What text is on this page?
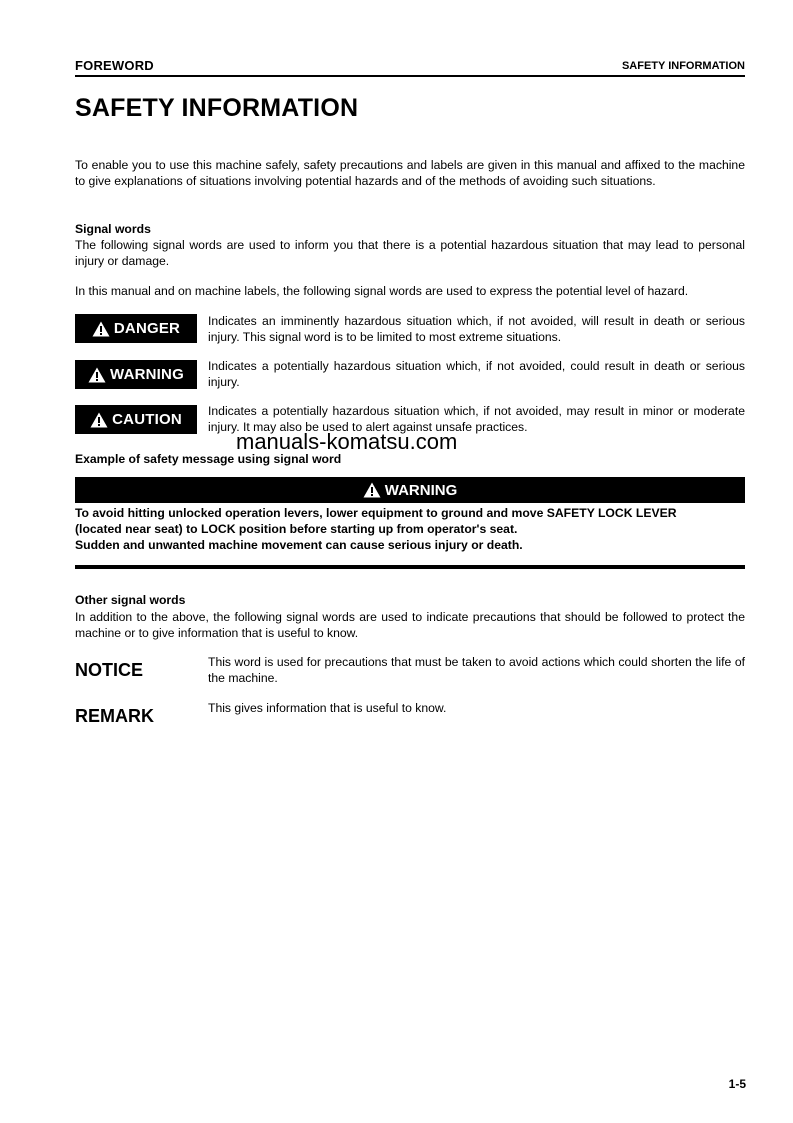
FOREWORD	SAFETY INFORMATION
SAFETY INFORMATION
To enable you to use this machine safely, safety precautions and labels are given in this manual and affixed to the machine to give explanations of situations involving potential hazards and of the methods of avoiding such situations.
Signal words
The following signal words are used to inform you that there is a potential hazardous situation that may lead to personal injury or damage.
In this manual and on machine labels, the following signal words are used to express the potential level of hazard.
DANGER Indicates an imminently hazardous situation which, if not avoided, will result in death or serious injury. This signal word is to be limited to most extreme situations.
WARNING Indicates a potentially hazardous situation which, if not avoided, could result in death or serious injury.
CAUTION Indicates a potentially hazardous situation which, if not avoided, may result in minor or moderate injury. It may also be used to alert against unsafe practices.
manuals-komatsu.com
Example of safety message using signal word
WARNING
To avoid hitting unlocked operation levers, lower equipment to ground and move SAFETY LOCK LEVER
(located near seat) to LOCK position before starting up from operator's seat.
Sudden and unwanted machine movement can cause serious injury or death.
Other signal words
In addition to the above, the following signal words are used to indicate precautions that should be followed to protect the machine or to give information that is useful to know.
NOTICE	This word is used for precautions that must be taken to avoid actions which could shorten the life of the machine.
REMARK	This gives information that is useful to know.
1-5
